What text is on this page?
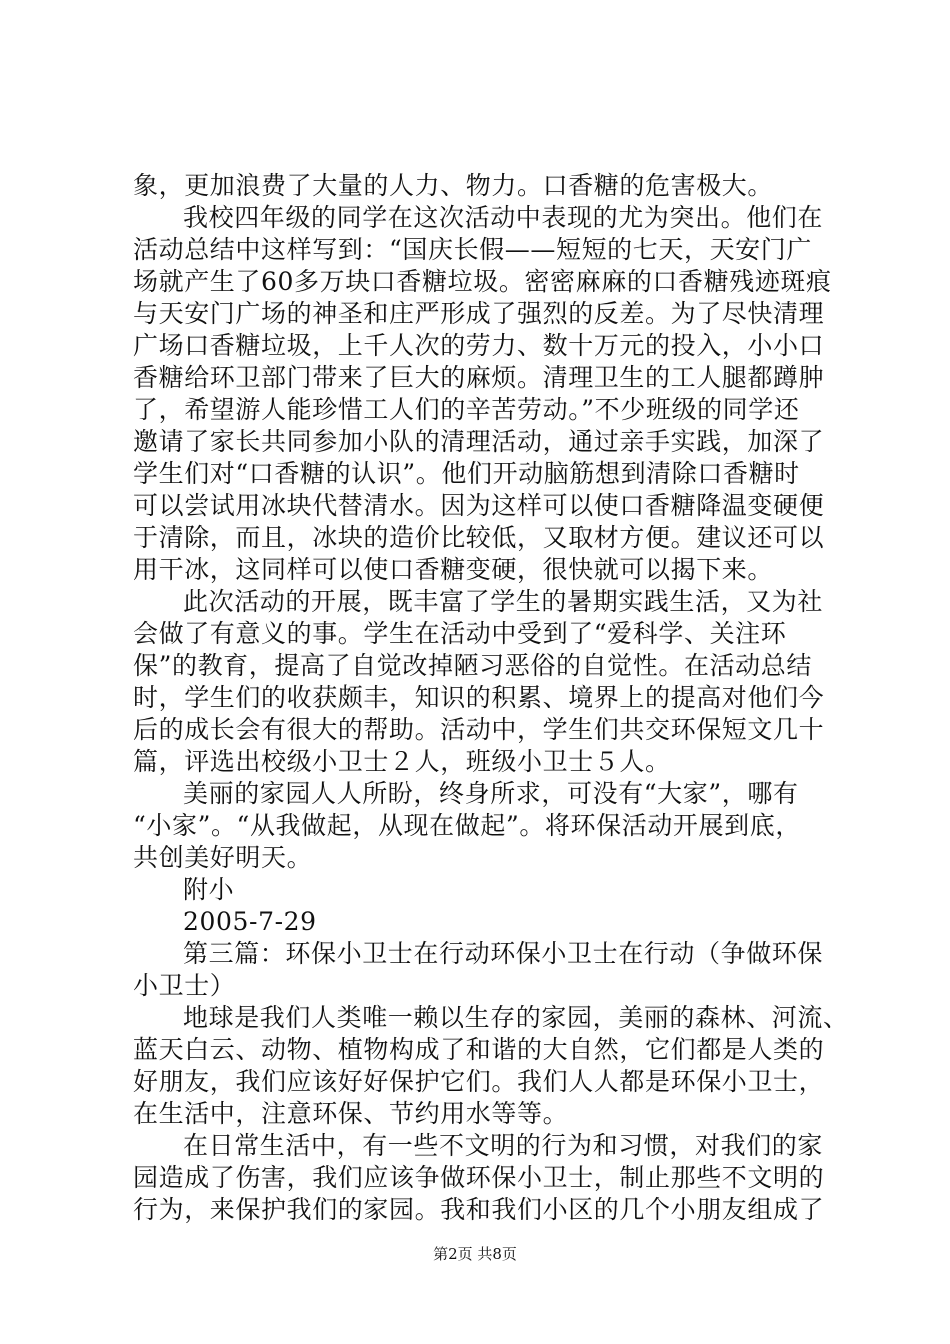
象，更加浪费了大量的人力、物力。口香糖的危害极大。
我校四年级的同学在这次活动中表现的尤为突出。他们在
活动总结中这样写到：“国庆长假——短短的七天，天安门广
场就产生了60多万块口香糖垃圾。密密麻麻的口香糖残迹斑痕
与天安门广场的神圣和庄严形成了强烈的反差。为了尽快清理
广场口香糖垃圾，上千人次的劳力、数十万元的投入，小小口
香糖给环卫部门带来了巨大的麻烦。清理卫生的工人腿都蹲肿
了，希望游人能珍惜工人们的辛苦劳动。”不少班级的同学还
邀请了家长共同参加小队的清理活动，通过亲手实践，加深了
学生们对“口香糖的认识”。他们开动脑筋想到清除口香糖时
可以尝试用冰块代替清水。因为这样可以使口香糖降温变硬便
于清除，而且，冰块的造价比较低，又取材方便。建议还可以
用干冰，这同样可以使口香糖变硬，很快就可以揭下来。
此次活动的开展，既丰富了学生的暑期实践生活，又为社
会做了有意义的事。学生在活动中受到了“爱科学、关注环
保”的教育，提高了自觉改掉陋习恶俗的自觉性。在活动总结
时，学生们的收获颇丰，知识的积累、境界上的提高对他们今
后的成长会有很大的帮助。活动中，学生们共交环保短文几十
篇，评选出校级小卫士２人，班级小卫士５人。
美丽的家园人人所盼，终身所求，可没有“大家”，哪有
“小家”。“从我做起，从现在做起”。将环保活动开展到底，
共创美好明天。
附小
2005-7-29
第三篇：环保小卫士在行动环保小卫士在行动（争做环保
小卫士）
地球是我们人类唯一赖以生存的家园，美丽的森林、河流、
蓝天白云、动物、植物构成了和谐的大自然，它们都是人类的
好朋友，我们应该好好保护它们。我们人人都是环保小卫士，
在生活中，注意环保、节约用水等等。
在日常生活中，有一些不文明的行为和习惯，对我们的家
园造成了伤害，我们应该争做环保小卫士，制止那些不文明的
行为，来保护我们的家园。我和我们小区的几个小朋友组成了
第2页 共8页
